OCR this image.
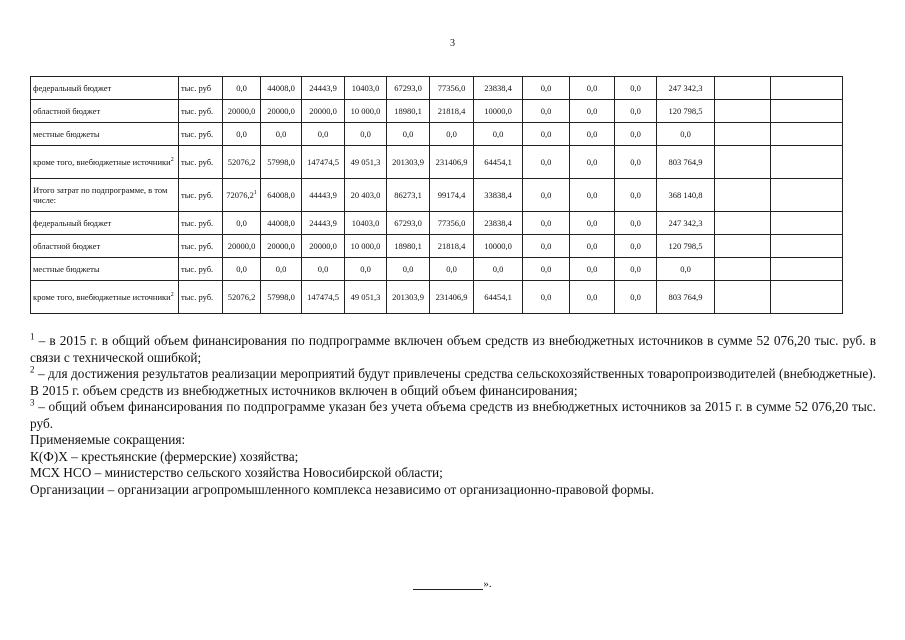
3
федеральный бюджет	тыс. руб	0,0	44008,0	24443,9	10403,0	67293,0	77356,0	23838,4	0,0	0,0	0,0	247 342,3		
областной бюджет	тыс. руб.	20000,0	20000,0	20000,0	10 000,0	18980,1	21818,4	10000,0	0,0	0,0	0,0	120 798,5		
местные бюджеты	тыс. руб.	0,0	0,0	0,0	0,0	0,0	0,0	0,0	0,0	0,0	0,0	0,0		
кроме того, внебюджетные источники$^2$	тыс. руб.	52076,2	57998,0	147474,5	49 051,3	201303,9	231406,9	64454,1	0,0	0,0	0,0	803 764,9		
Итого затрат по подпрограмме, в том числе:	тыс. руб.	72076,2$^1$	64008,0	44443,9	20 403,0	86273,1	99174,4	33838,4	0,0	0,0	0,0	368 140,8		
федеральный бюджет	тыс. руб.	0,0	44008,0	24443,9	10403,0	67293,0	77356,0	23838,4	0,0	0,0	0,0	247 342,3		
областной бюджет	тыс. руб.	20000,0	20000,0	20000,0	10 000,0	18980,1	21818,4	10000,0	0,0	0,0	0,0	120 798,5		
местные бюджеты	тыс. руб.	0,0	0,0	0,0	0,0	0,0	0,0	0,0	0,0	0,0	0,0	0,0		
кроме того, внебюджетные источники$^2$	тыс. руб.	52076,2	57998,0	147474,5	49 051,3	201303,9	231406,9	64454,1	0,0	0,0	0,0	803 764,9		

$^1$ – в 2015 г. в общий объем финансирования по подпрограмме включен объем средств из внебюджетных источников в сумме 52 076,20 тыс. руб. в связи с технической ошибкой;

$^2$ – для достижения результатов реализации мероприятий будут привлечены средства сельскохозяйственных товаропроизводителей (внебюджетные). В 2015 г. объем средств из внебюджетных источников включен в общий объем финансирования;

$^3$ – общий объем финансирования по подпрограмме указан без учета объема средств из внебюджетных источников за 2015 г. в сумме 52 076,20 тыс. руб.

Применяемые сокращения:

К(Ф)Х – крестьянские (фермерские) хозяйства;

МСХ НСО – министерство сельского хозяйства Новосибирской области;

Организации – организации агропромышленного комплекса независимо от организационно-правовой формы.

».
